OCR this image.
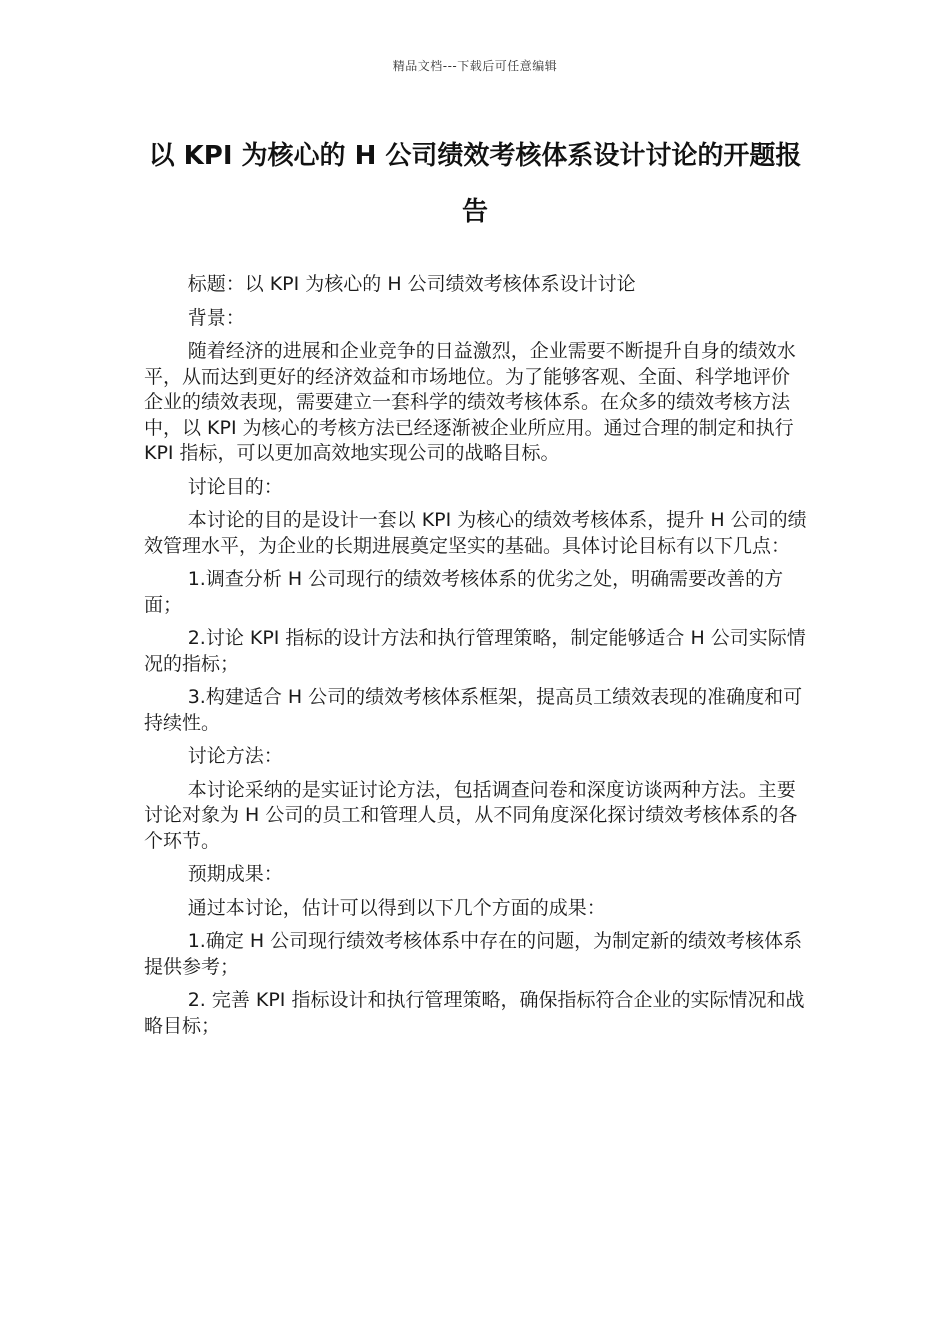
精品文档---下载后可任意编辑
以 KPI 为核心的 H 公司绩效考核体系设计讨论的开题报告

标题：以 KPI 为核心的 H 公司绩效考核体系设计讨论

背景：

随着经济的进展和企业竞争的日益激烈，企业需要不断提升自身的绩效水平，从而达到更好的经济效益和市场地位。为了能够客观、全面、科学地评价企业的绩效表现，需要建立一套科学的绩效考核体系。在众多的绩效考核方法中，以 KPI 为核心的考核方法已经逐渐被企业所应用。通过合理的制定和执行 KPI 指标，可以更加高效地实现公司的战略目标。

讨论目的：

本讨论的目的是设计一套以 KPI 为核心的绩效考核体系，提升 H 公司的绩效管理水平，为企业的长期进展奠定坚实的基础。具体讨论目标有以下几点：

1.调查分析 H 公司现行的绩效考核体系的优劣之处，明确需要改善的方面；

2.讨论 KPI 指标的设计方法和执行管理策略，制定能够适合 H 公司实际情况的指标；

3.构建适合 H 公司的绩效考核体系框架，提高员工绩效表现的准确度和可持续性。

讨论方法：

本讨论采纳的是实证讨论方法，包括调查问卷和深度访谈两种方法。主要讨论对象为 H 公司的员工和管理人员，从不同角度深化探讨绩效考核体系的各个环节。

预期成果：

通过本讨论，估计可以得到以下几个方面的成果：

1.确定 H 公司现行绩效考核体系中存在的问题，为制定新的绩效考核体系提供参考；

2. 完善 KPI 指标设计和执行管理策略，确保指标符合企业的实际情况和战略目标；
